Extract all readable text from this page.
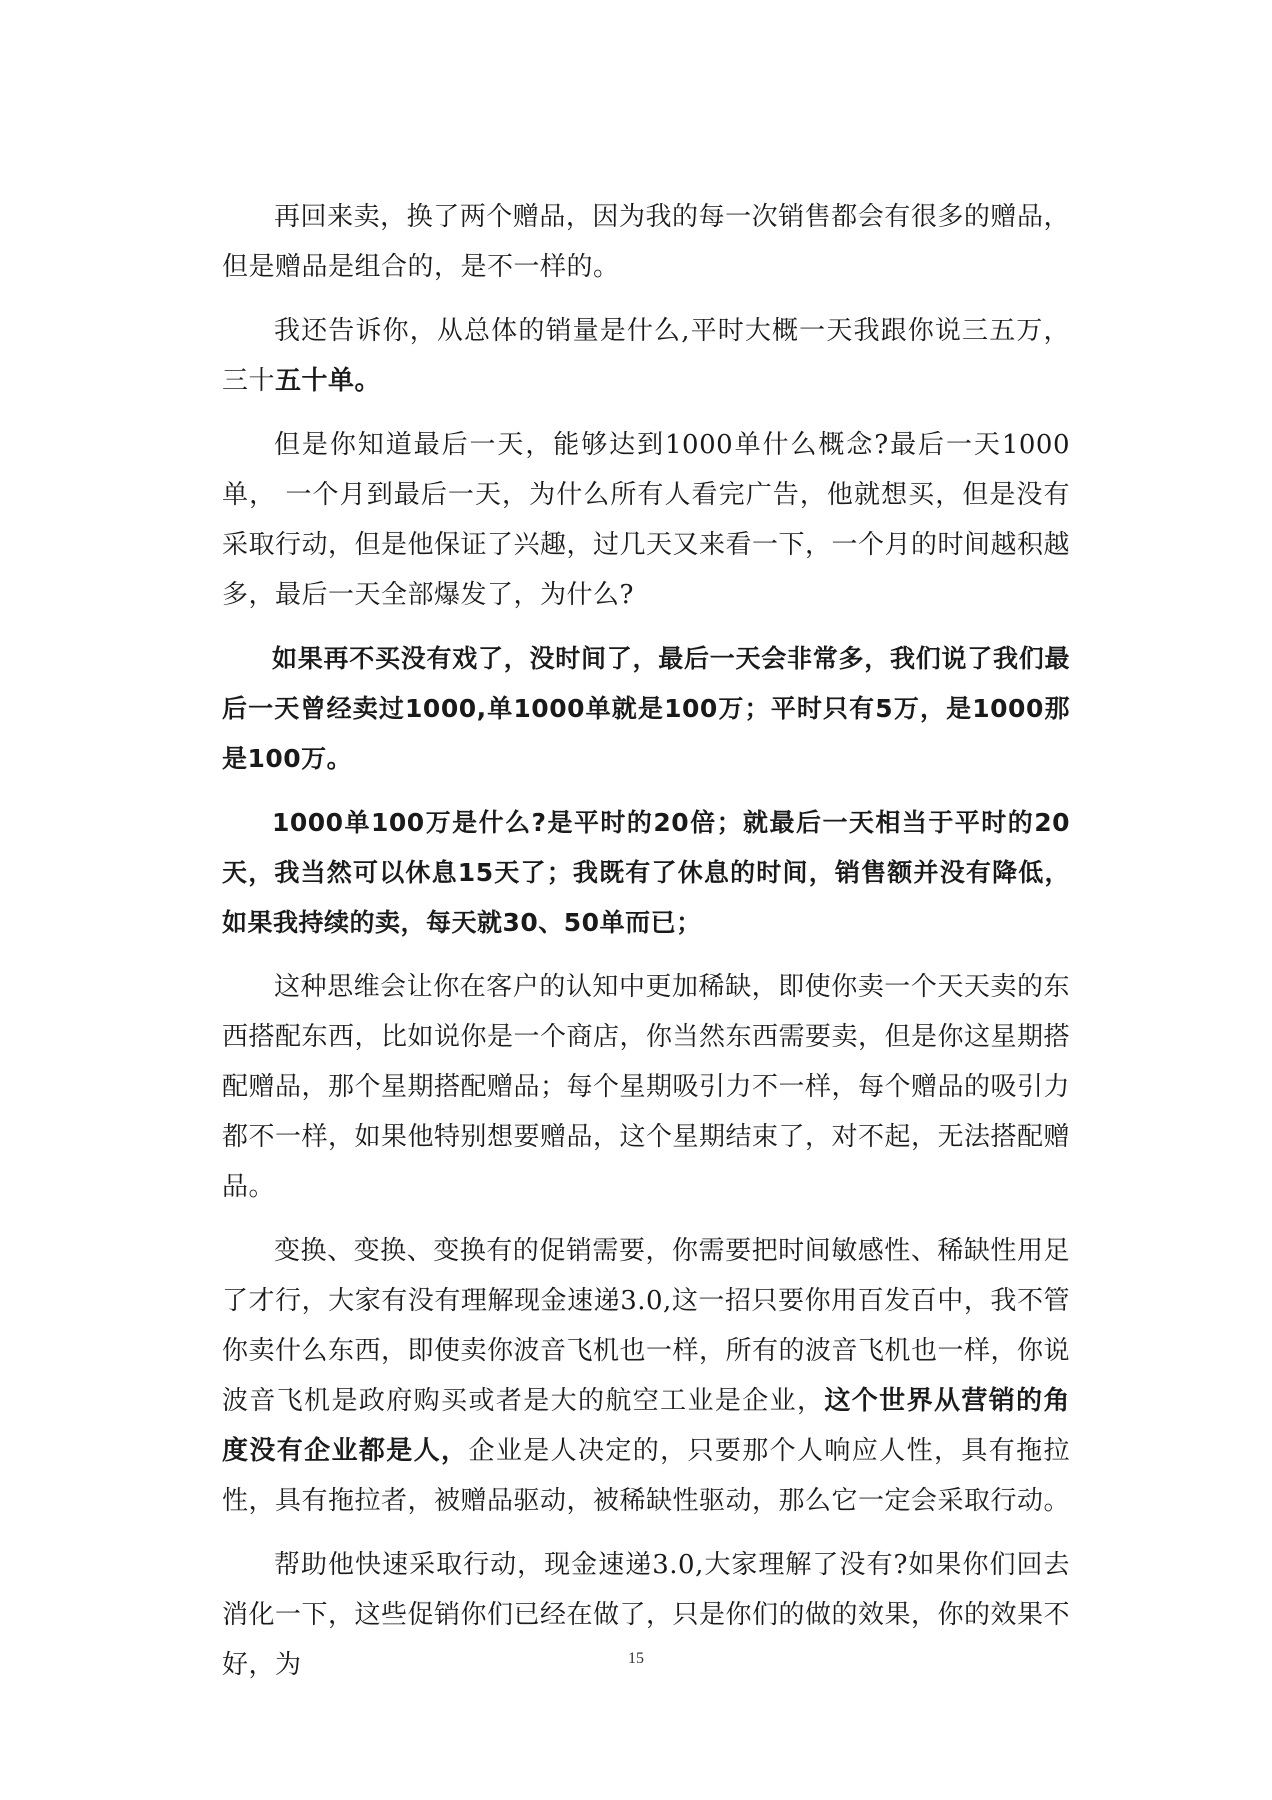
再回来卖，换了两个赠品，因为我的每一次销售都会有很多的赠品，但是赠品是组合的，是不一样的。

我还告诉你，从总体的销量是什么,平时大概一天我跟你说三五万，三十五十单。

但是你知道最后一天，能够达到1000单什么概念?最后一天1000单， 一个月到最后一天，为什么所有人看完广告，他就想买，但是没有采取行动，但是他保证了兴趣，过几天又来看一下，一个月的时间越积越多，最后一天全部爆发了，为什么?

如果再不买没有戏了，没时间了，最后一天会非常多，我们说了我们最后一天曾经卖过1000,单1000单就是100万；平时只有5万，是1000那是100万。

1000单100万是什么?是平时的20倍；就最后一天相当于平时的20天，我当然可以休息15天了；我既有了休息的时间，销售额并没有降低，如果我持续的卖，每天就30、50单而已；

这种思维会让你在客户的认知中更加稀缺，即使你卖一个天天卖的东西搭配东西，比如说你是一个商店，你当然东西需要卖，但是你这星期搭配赠品，那个星期搭配赠品；每个星期吸引力不一样，每个赠品的吸引力都不一样，如果他特别想要赠品，这个星期结束了，对不起，无法搭配赠品。

变换、变换、变换有的促销需要，你需要把时间敏感性、稀缺性用足了才行，大家有没有理解现金速递3.0,这一招只要你用百发百中，我不管你卖什么东西，即使卖你波音飞机也一样，所有的波音飞机也一样，你说波音飞机是政府购买或者是大的航空工业是企业，这个世界从营销的角度没有企业都是人，企业是人决定的，只要那个人响应人性，具有拖拉性，具有拖拉者，被赠品驱动，被稀缺性驱动，那么它一定会采取行动。

帮助他快速采取行动，现金速递3.0,大家理解了没有?如果你们回去消化一下，这些促销你们已经在做了，只是你们的做的效果，你的效果不好，为	15
